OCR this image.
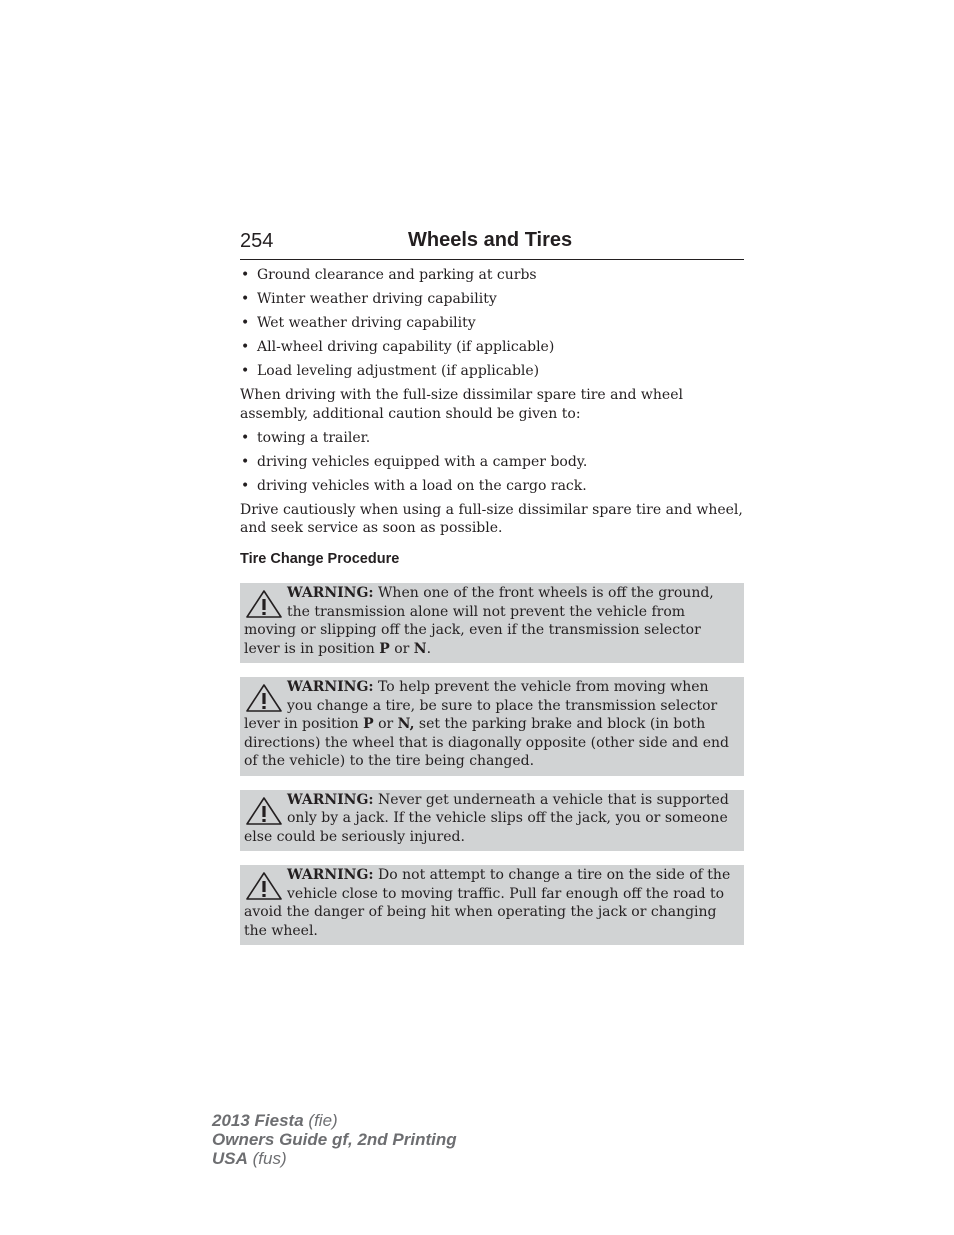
254	Wheels and Tires
• Ground clearance and parking at curbs
• Winter weather driving capability
• Wet weather driving capability
• All-wheel driving capability (if applicable)
• Load leveling adjustment (if applicable)

When driving with the full-size dissimilar spare tire and wheel assembly, additional caution should be given to:

• towing a trailer.
• driving vehicles equipped with a camper body.
• driving vehicles with a load on the cargo rack.

Drive cautiously when using a full-size dissimilar spare tire and wheel, and seek service as soon as possible.

Tire Change Procedure
WARNING: When one of the front wheels is off the ground, the transmission alone will not prevent the vehicle from moving or slipping off the jack, even if the transmission selector lever is in position P or N.
WARNING: To help prevent the vehicle from moving when you change a tire, be sure to place the transmission selector lever in position P or N, set the parking brake and block (in both directions) the wheel that is diagonally opposite (other side and end of the vehicle) to the tire being changed.
WARNING: Never get underneath a vehicle that is supported only by a jack. If the vehicle slips off the jack, you or someone else could be seriously injured.
WARNING: Do not attempt to change a tire on the side of the vehicle close to moving traffic. Pull far enough off the road to avoid the danger of being hit when operating the jack or changing the wheel.
2013 Fiesta (fie)
Owners Guide gf, 2nd Printing
USA (fus)
